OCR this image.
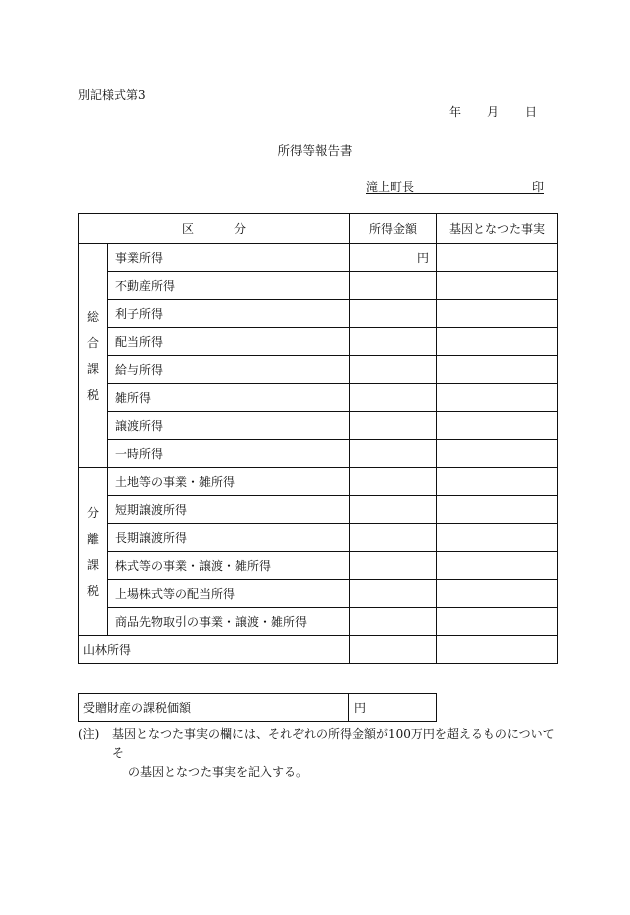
別記様式第3
年 月 日
所得等報告書
滝上町長	印
区 分		所得金額	基因となつた事実

総
合
課
税	事業所得	円	
	不動産所得		
	利子所得		
	配当所得		
	給与所得		
	雑所得		
	譲渡所得		
	一時所得		

分
離
課
税	土地等の事業・雑所得		
	短期譲渡所得		
	長期譲渡所得		
	株式等の事業・譲渡・雑所得		
	上場株式等の配当所得		
	商品先物取引の事業・譲渡・雑所得		
山林所得			
受贈財産の課税価額	円
(注) 基因となつた事実の欄には、それぞれの所得金額が100万円を超えるものについてそ
の基因となつた事実を記入する。
